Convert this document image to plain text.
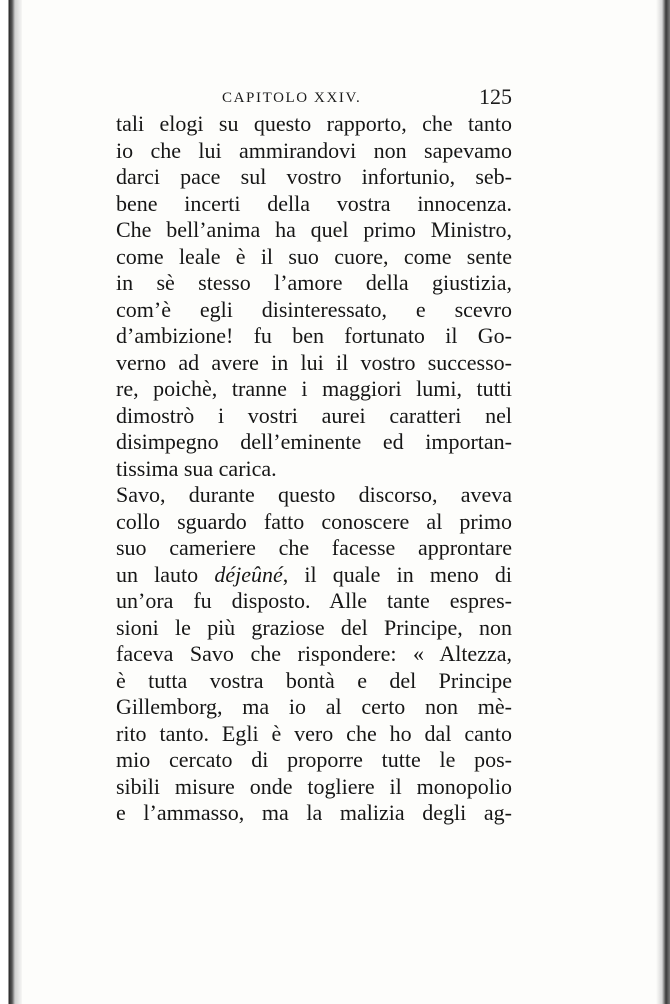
CAPITOLO XXIV.	125
tali elogi su questo rapporto, che tanto
io che lui ammirandovi non sapevamo
darci pace sul vostro infortunio, seb-
bene incerti della vostra innocenza.
Che bell’anima ha quel primo Ministro,
come leale è il suo cuore, come sente
in sè stesso l’amore della giustizia,
com’è egli disinteressato, e scevro
d’ambizione! fu ben fortunato il Go-
verno ad avere in lui il vostro successo-
re, poichè, tranne i maggiori lumi, tutti
dimostrò i vostri aurei caratteri nel
disimpegno dell’eminente ed importan-
tissima sua carica.
Savo, durante questo discorso, aveva
collo sguardo fatto conoscere al primo
suo cameriere che facesse approntare
un lauto déjeûné, il quale in meno di
un’ora fu disposto. Alle tante espres-
sioni le più graziose del Principe, non
faceva Savo che rispondere: « Altezza,
è tutta vostra bontà e del Principe
Gillemborg, ma io al certo non mè-
rito tanto. Egli è vero che ho dal canto
mio cercato di proporre tutte le pos-
sibili misure onde togliere il monopolio
e l’ammasso, ma la malizia degli ag-
